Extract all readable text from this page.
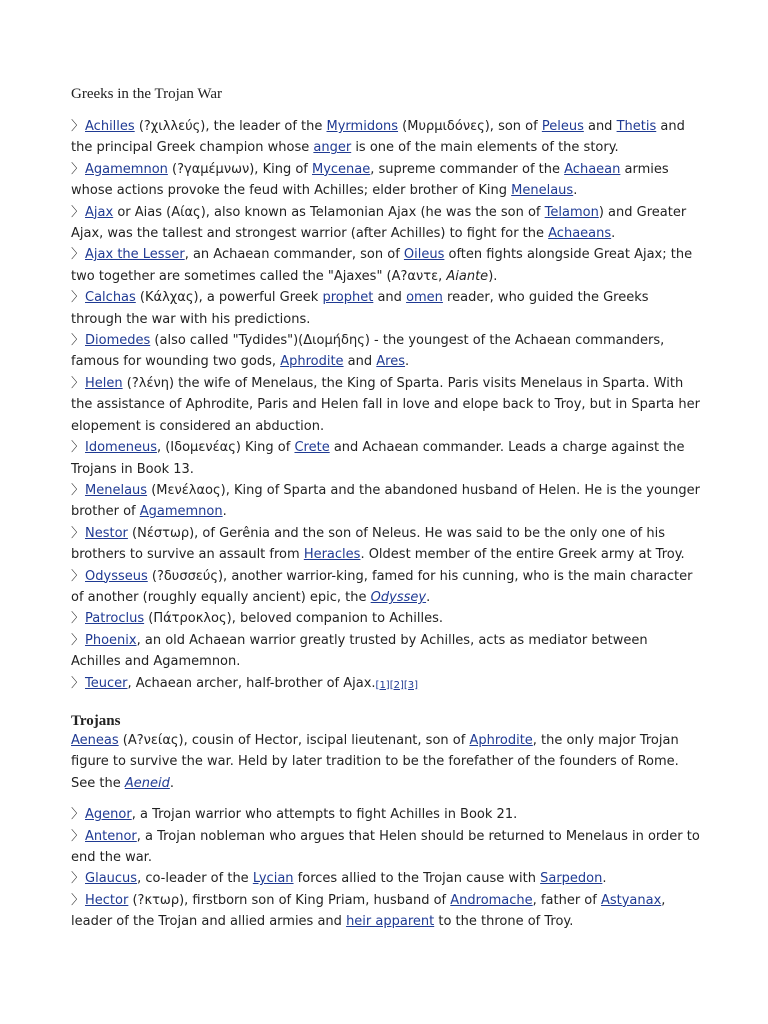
Greeks in the Trojan War

〉Achilles (?χιλλεύς), the leader of the Myrmidons (Μυρμιδόνες), son of Peleus and Thetis and the principal Greek champion whose anger is one of the main elements of the story.

〉Agamemnon (?γαμέμνων), King of Mycenae, supreme commander of the Achaean armies whose actions provoke the feud with Achilles; elder brother of King Menelaus.

〉Ajax or Aias (Αίας), also known as Telamonian Ajax (he was the son of Telamon) and Greater Ajax, was the tallest and strongest warrior (after Achilles) to fight for the Achaeans.

〉Ajax the Lesser, an Achaean commander, son of Oileus often fights alongside Great Ajax; the two together are sometimes called the "Ajaxes" (Α?αντε, Aiante).

〉Calchas (Κάλχας), a powerful Greek prophet and omen reader, who guided the Greeks through the war with his predictions.

〉Diomedes (also called "Tydides")(Διομήδης) - the youngest of the Achaean commanders, famous for wounding two gods, Aphrodite and Ares.

〉Helen (?λένη) the wife of Menelaus, the King of Sparta. Paris visits Menelaus in Sparta. With the assistance of Aphrodite, Paris and Helen fall in love and elope back to Troy, but in Sparta her elopement is considered an abduction.

〉Idomeneus, (Ιδομενέας) King of Crete and Achaean commander. Leads a charge against the Trojans in Book 13.

〉Menelaus (Μενέλαος), King of Sparta and the abandoned husband of Helen. He is the younger brother of Agamemnon.

〉Nestor (Νέστωρ), of Gerênia and the son of Neleus. He was said to be the only one of his brothers to survive an assault from Heracles. Oldest member of the entire Greek army at Troy.

〉Odysseus (?δυσσεύς), another warrior-king, famed for his cunning, who is the main character of another (roughly equally ancient) epic, the Odyssey.

〉Patroclus (Πάτροκλος), beloved companion to Achilles.

〉Phoenix, an old Achaean warrior greatly trusted by Achilles, acts as mediator between Achilles and Agamemnon.

〉Teucer, Achaean archer, half-brother of Ajax.[1][2][3]

Trojans

Aeneas (Α?νείας), cousin of Hector, iscipal lieutenant, son of Aphrodite, the only major Trojan figure to survive the war. Held by later tradition to be the forefather of the founders of Rome. See the Aeneid.

〉Agenor, a Trojan warrior who attempts to fight Achilles in Book 21.

〉Antenor, a Trojan nobleman who argues that Helen should be returned to Menelaus in order to end the war.

〉Glaucus, co-leader of the Lycian forces allied to the Trojan cause with Sarpedon.

〉Hector (?κτωρ), firstborn son of King Priam, husband of Andromache, father of Astyanax, leader of the Trojan and allied armies and heir apparent to the throne of Troy.
